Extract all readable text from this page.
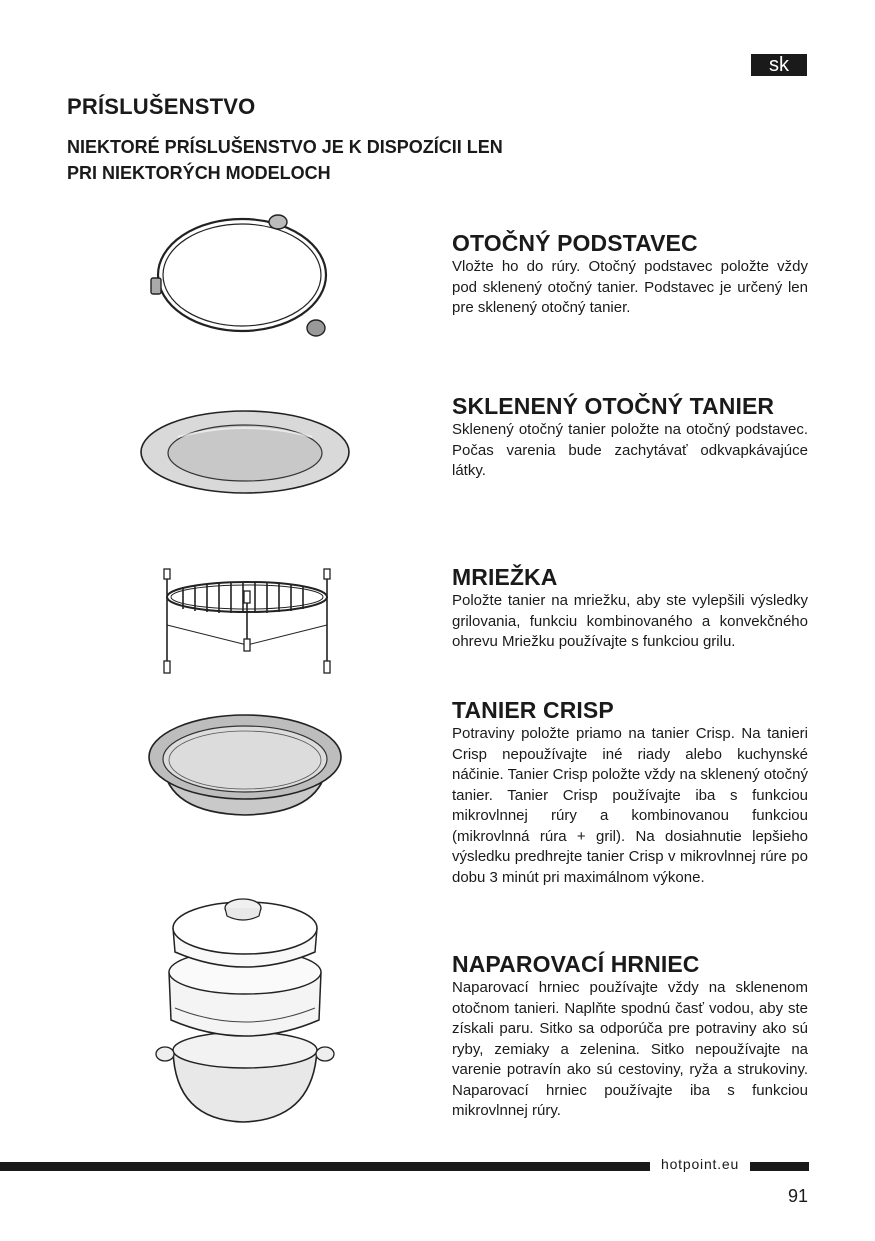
sk
PRÍSLUŠENSTVO
NIEKTORÉ PRÍSLUŠENSTVO JE K DISPOZÍCII LEN
PRI NIEKTORÝCH MODELOCH
OTOČNÝ PODSTAVEC

Vložte ho do rúry. Otočný podstavec položte vždy pod sklenený otočný tanier. Podstavec je určený len pre sklenený otočný tanier.

SKLENENÝ OTOČNÝ TANIER

Sklenený otočný tanier položte na otočný podstavec. Počas varenia bude zachytávať odkvapkávajúce látky.

MRIEŽKA

Položte tanier na mriežku, aby ste vylepšili výsledky grilovania, funkciu kombinovaného a konvekčného ohrevu Mriežku používajte s funkciou grilu.

TANIER CRISP

Potraviny položte priamo na tanier Crisp. Na tanieri Crisp nepoužívajte iné riady alebo kuchynské náčinie. Tanier Crisp položte vždy na sklenený otočný tanier. Tanier Crisp používajte iba s funkciou mikrovlnnej rúry a kombinovanou funkciou (mikrovlnná rúra + gril). Na dosiahnutie lepšieho výsledku predhrejte tanier Crisp v mikrovlnnej rúre po dobu 3 minút pri maximálnom výkone.

NAPAROVACÍ HRNIEC

Naparovací hrniec používajte vždy na sklenenom otočnom tanieri. Naplňte spodnú časť vodou, aby ste získali paru. Sitko sa odporúča pre potraviny ako sú ryby, zemiaky a zelenina. Sitko nepoužívajte na varenie potravín ako sú cestoviny, ryža a strukoviny. Naparovací hrniec používajte iba s funkciou mikrovlnnej rúry.

hotpoint.eu
91
